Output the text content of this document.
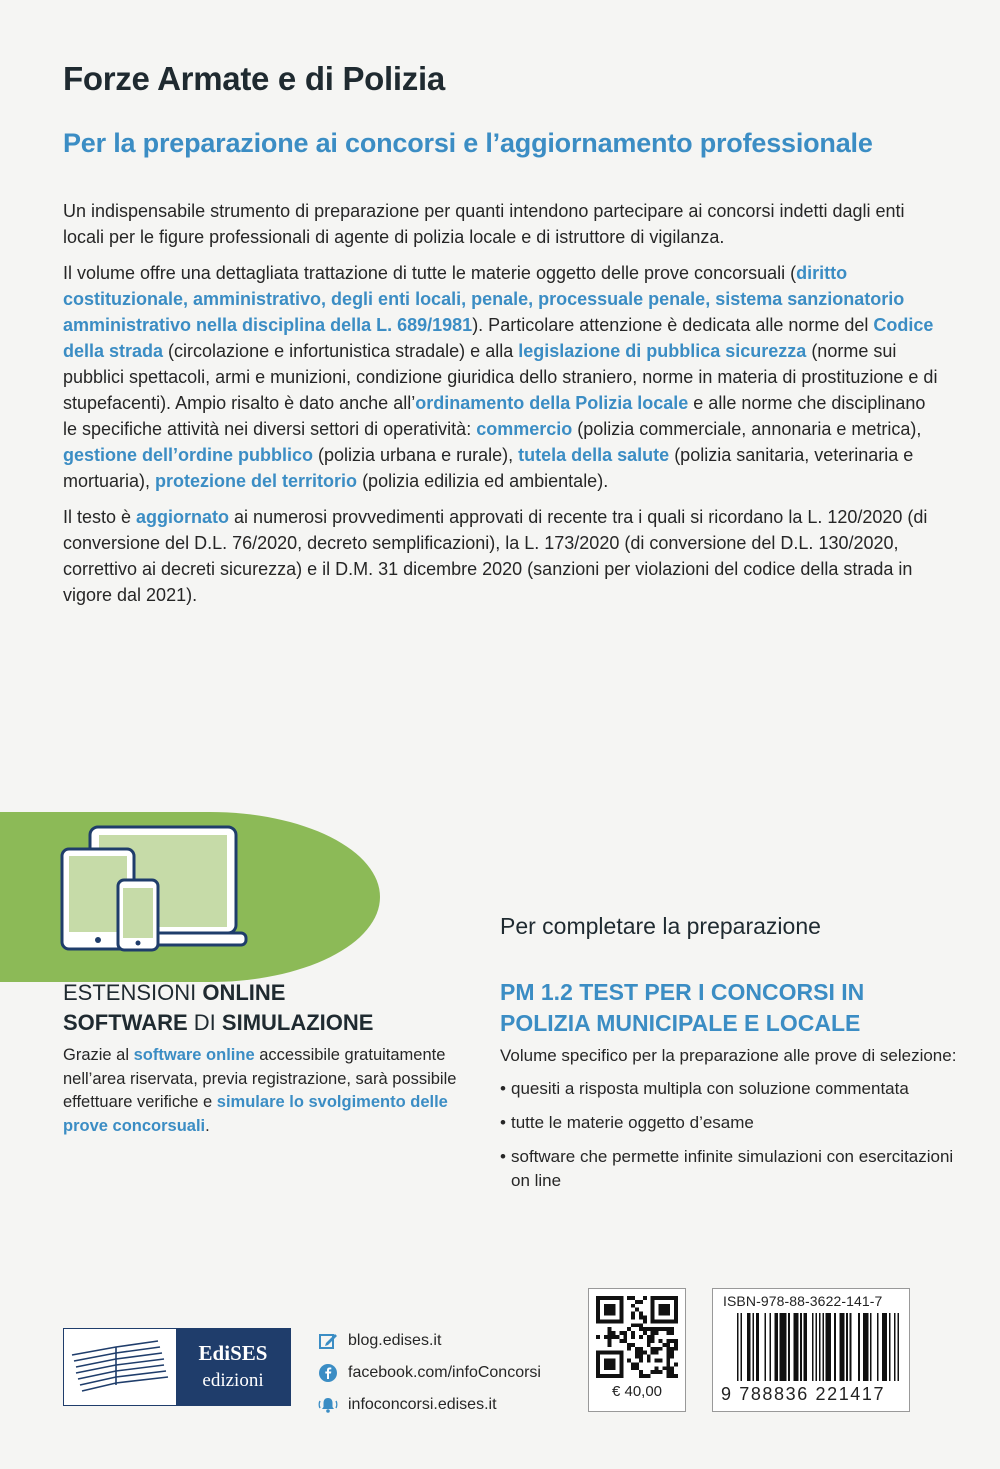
Forze Armate e di Polizia
Per la preparazione ai concorsi e l’aggiornamento professionale

Un indispensabile strumento di preparazione per quanti intendono partecipare ai concorsi indetti dagli enti locali per le figure professionali di agente di polizia locale e di istruttore di vigilanza.

Il volume offre una dettagliata trattazione di tutte le materie oggetto delle prove concorsuali (diritto costituzionale, amministrativo, degli enti locali, penale, processuale penale, sistema sanzionatorio amministrativo nella disciplina della L. 689/1981). Particolare attenzione è dedicata alle norme del Codice della strada (circolazione e infortunistica stradale) e alla legislazione di pubblica sicurezza (norme sui pubblici spettacoli, armi e munizioni, condizione giuridica dello straniero, norme in materia di prostituzione e di stupefacenti). Ampio risalto è dato anche all’ordinamento della Polizia locale e alle norme che disciplinano le specifiche attività nei diversi settori di operatività: commercio (polizia commerciale, annonaria e metrica), gestione dell’ordine pubblico (polizia urbana e rurale), tutela della salute (polizia sanitaria, veterinaria e mortuaria), protezione del territorio (polizia edilizia ed ambientale).

Il testo è aggiornato ai numerosi provvedimenti approvati di recente tra i quali si ricordano la L. 120/2020 (di conversione del D.L. 76/2020, decreto semplificazioni), la L. 173/2020 (di conversione del D.L. 130/2020, correttivo ai decreti sicurezza) e il D.M. 31 dicembre 2020 (sanzioni per violazioni del codice della strada in vigore dal 2021).

ESTENSIONI ONLINE
SOFTWARE DI SIMULAZIONE
Grazie al software online accessibile gratuitamente nell’area riservata, previa registrazione, sarà possibile effettuare verifiche e simulare lo svolgimento delle prove concorsuali.
Per completare la preparazione
PM 1.2 TEST PER I CONCORSI IN POLIZIA MUNICIPALE E LOCALE
Volume specifico per la preparazione alle prove di selezione:
• quesiti a risposta multipla con soluzione commentata
• tutte le materie oggetto d’esame
• software che permette infinite simulazioni con esercitazioni on line
EdiSES
edizioni
blog.edises.it
facebook.com/infoConcorsi
infoconcorsi.edises.it
€ 40,00
ISBN-978-88-3622-141-7
9 788836 221417
